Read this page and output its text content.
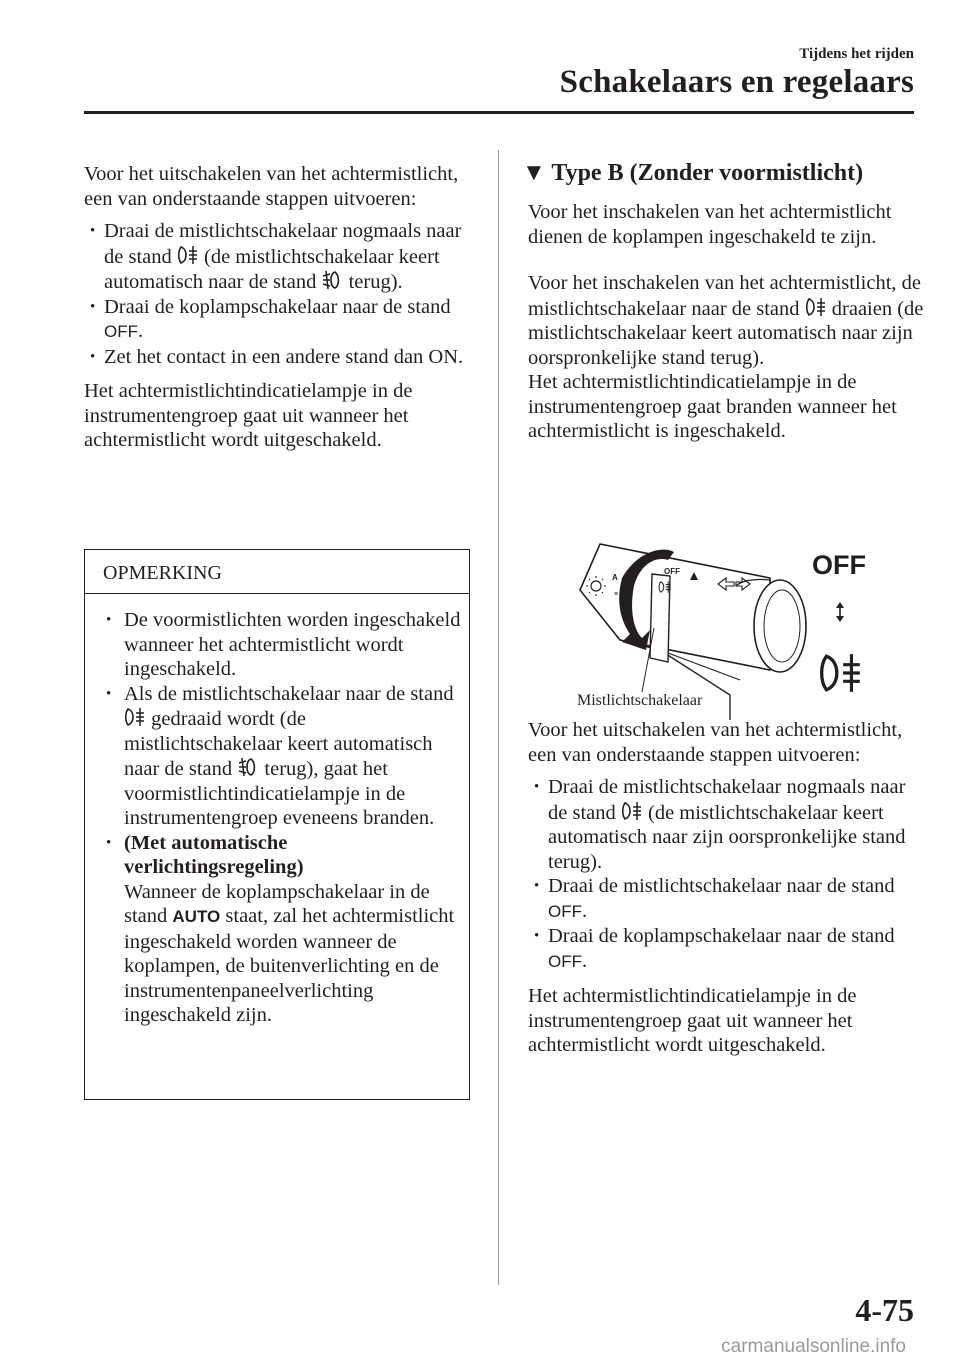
Tijdens het rijden
Schakelaars en regelaars

Voor het uitschakelen van het achtermistlicht, een van onderstaande stappen uitvoeren:

• Draai de mistlichtschakelaar nogmaals naar de stand (de mistlichtschakelaar keert automatisch naar de stand terug).
• Draai de koplampschakelaar naar de stand OFF.
• Zet het contact in een andere stand dan ON.

Het achtermistlichtindicatielampje in de instrumentengroep gaat uit wanneer het achtermistlicht wordt uitgeschakeld.

OPMERKING
• De voormistlichten worden ingeschakeld wanneer het achtermistlicht wordt ingeschakeld.
• Als de mistlichtschakelaar naar de stand  gedraaid wordt (de mistlichtschakelaar keert automatisch naar de stand terug), gaat het voormistlichtindicatielampje in de instrumentengroep eveneens branden.
• (Met automatische verlichtingsregeling)
Wanneer de koplampschakelaar in de stand AUTO staat, zal het achtermistlicht ingeschakeld worden wanneer de koplampen, de buitenverlichting en de instrumentenpaneelverlichting ingeschakeld zijn.
▼ Type B (Zonder voormistlicht)

Voor het inschakelen van het achtermistlicht dienen de koplampen ingeschakeld te zijn.

Voor het inschakelen van het achtermistlicht, de mistlichtschakelaar naar de stand draaien (de mistlichtschakelaar keert automatisch naar zijn oorspronkelijke stand terug).

Het achtermistlichtindicatielampje in de instrumentengroep gaat branden wanneer het achtermistlicht is ingeschakeld.

A
≡
OFF	OFF
Mistlichtschakelaar

Voor het uitschakelen van het achtermistlicht, een van onderstaande stappen uitvoeren:

• Draai de mistlichtschakelaar nogmaals naar de stand (de mistlichtschakelaar keert automatisch naar zijn oorspronkelijke stand terug).
• Draai de mistlichtschakelaar naar de stand OFF.
• Draai de koplampschakelaar naar de stand OFF.

Het achtermistlichtindicatielampje in de instrumentengroep gaat uit wanneer het achtermistlicht wordt uitgeschakeld.

4-75
carmanualsonline.info
